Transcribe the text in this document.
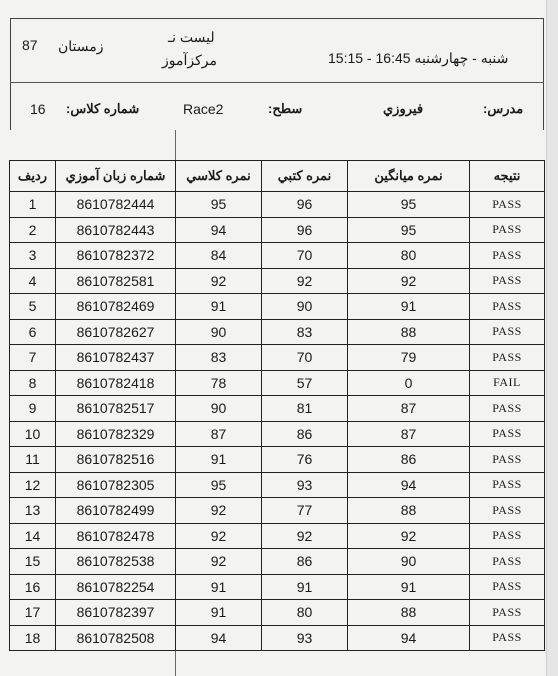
87 زمستان
لیست نـ
مرکزآموز	شنبه - چهارشنبه 16:45 - 15:15
16 شماره کلاس:	Race2	سطح:	فیروزي	مدرس:
ردیف	شماره زبان آموزي	نمره کلاسي	نمره کتبي	نمره میانگین	نتیجه
1	8610782444	95	96	95	PASS
2	8610782443	94	96	95	PASS
3	8610782372	84	70	80	PASS
4	8610782581	92	92	92	PASS
5	8610782469	91	90	91	PASS
6	8610782627	90	83	88	PASS
7	8610782437	83	70	79	PASS
8	8610782418	78	57	0	FAIL
9	8610782517	90	81	87	PASS
10	8610782329	87	86	87	PASS
11	8610782516	91	76	86	PASS
12	8610782305	95	93	94	PASS
13	8610782499	92	77	88	PASS
14	8610782478	92	92	92	PASS
15	8610782538	92	86	90	PASS
16	8610782254	91	91	91	PASS
17	8610782397	91	80	88	PASS
18	8610782508	94	93	94	PASS
